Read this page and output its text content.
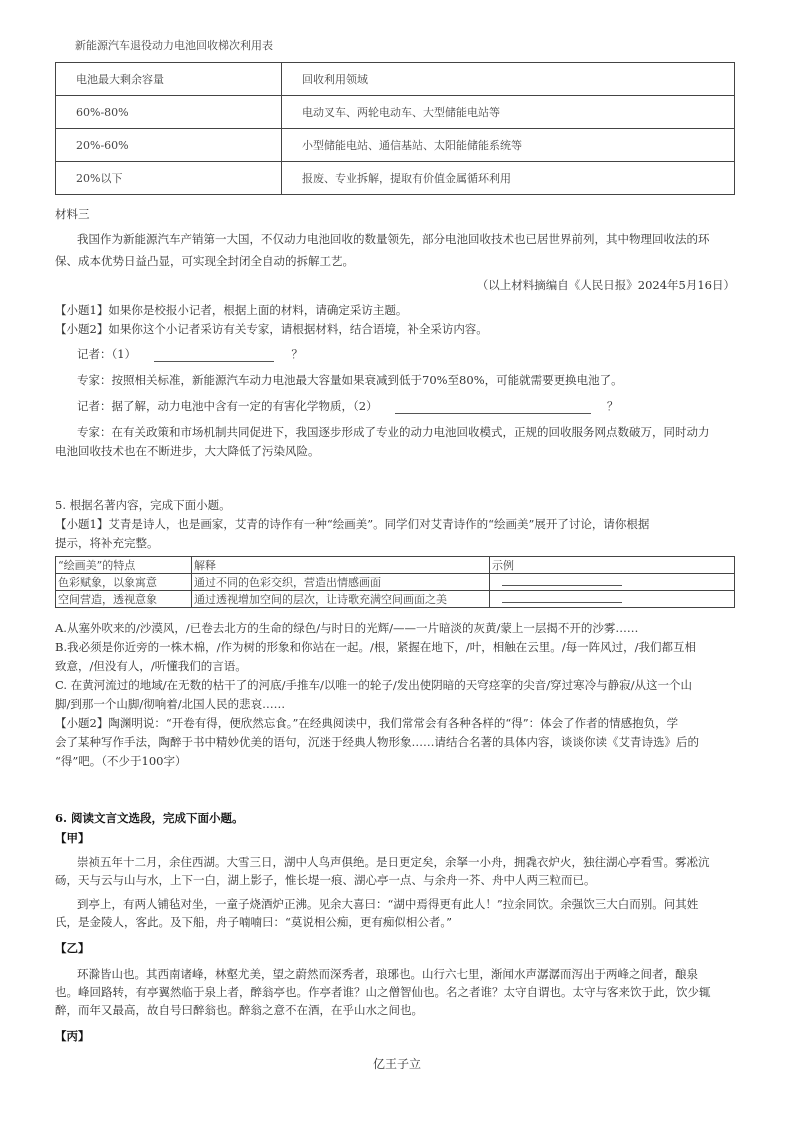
新能源汽车退役动力电池回收梯次利用表
电池最大剩余容量	回收利用领域
60%-80%	电动叉车、两轮电动车、大型储能电站等
20%-60%	小型储能电站、通信基站、太阳能储能系统等
20%以下	报废、专业拆解，提取有价值金属循环利用
材料三
我国作为新能源汽车产销第一大国，不仅动力电池回收的数量领先，部分电池回收技术也已居世界前列，其中物理回收法的环
保、成本优势日益凸显，可实现全封闭全自动的拆解工艺。
（以上材料摘编自《人民日报》2024年5月16日）
【小题1】如果你是校报小记者，根据上面的材料，请确定采访主题。
【小题2】如果你这个小记者采访有关专家，请根据材料，结合语境，补全采访内容。
记者：（1）	？
专家：按照相关标准，新能源汽车动力电池最大容量如果衰减到低于70%至80%，可能就需要更换电池了。
记者：据了解，动力电池中含有一定的有害化学物质，（2）	？
专家：在有关政策和市场机制共同促进下，我国逐步形成了专业的动力电池回收模式，正规的回收服务网点数破万，同时动力
电池回收技术也在不断进步，大大降低了污染风险。
5. 根据名著内容，完成下面小题。
【小题1】艾青是诗人，也是画家，艾青的诗作有一种“绘画美”。同学们对艾青诗作的“绘画美”展开了讨论，请你根据
提示，将补充完整。
“绘画美”的特点	解释	示例
色彩赋象，以象寓意	通过不同的色彩交织，营造出情感画面	
空间营造，透视意象	通过透视增加空间的层次，让诗歌充满空间画面之美	
A.从塞外吹来的/沙漠风，/已卷去北方的生命的绿色/与时日的光辉/——一片暗淡的灰黄/蒙上一层揭不开的沙雾……
B.我必须是你近旁的一株木棉，/作为树的形象和你站在一起。/根，紧握在地下，/叶，相触在云里。/每一阵风过，/我们都互相
致意，/但没有人，/听懂我们的言语。
C. 在黄河流过的地域/在无数的枯干了的河底/手推车/以唯一的轮子/发出使阴暗的天穹痉挛的尖音/穿过寒冷与静寂/从这一个山
脚/到那一个山脚/彻响着/北国人民的悲哀……
【小题2】陶渊明说：“开卷有得，便欣然忘食。”在经典阅读中，我们常常会有各种各样的“得”：体会了作者的情感抱负，学
会了某种写作手法，陶醉于书中精妙优美的语句，沉迷于经典人物形象……请结合名著的具体内容，谈谈你读《艾青诗选》后的
“得”吧。（不少于100字）
6. 阅读文言文选段，完成下面小题。
【甲】
崇祯五年十二月，余住西湖。大雪三日，湖中人鸟声俱绝。是日更定矣，余拏一小舟，拥毳衣炉火，独往湖心亭看雪。雾凇沆
砀，天与云与山与水，上下一白，湖上影子，惟长堤一痕、湖心亭一点、与余舟一芥、舟中人两三粒而已。
到亭上，有两人铺毡对坐，一童子烧酒炉正沸。见余大喜曰：“湖中焉得更有此人！”拉余同饮。余强饮三大白而别。问其姓
氏，是金陵人，客此。及下船，舟子喃喃曰：“莫说相公痴，更有痴似相公者。”
【乙】
环滁皆山也。其西南诸峰，林壑尤美，望之蔚然而深秀者，琅琊也。山行六七里，渐闻水声潺潺而泻出于两峰之间者，酿泉
也。峰回路转，有亭翼然临于泉上者，醉翁亭也。作亭者谁？山之僧智仙也。名之者谁？太守自谓也。太守与客来饮于此，饮少辄
醉，而年又最高，故自号曰醉翁也。醉翁之意不在酒，在乎山水之间也。
【丙】
亿王子立
